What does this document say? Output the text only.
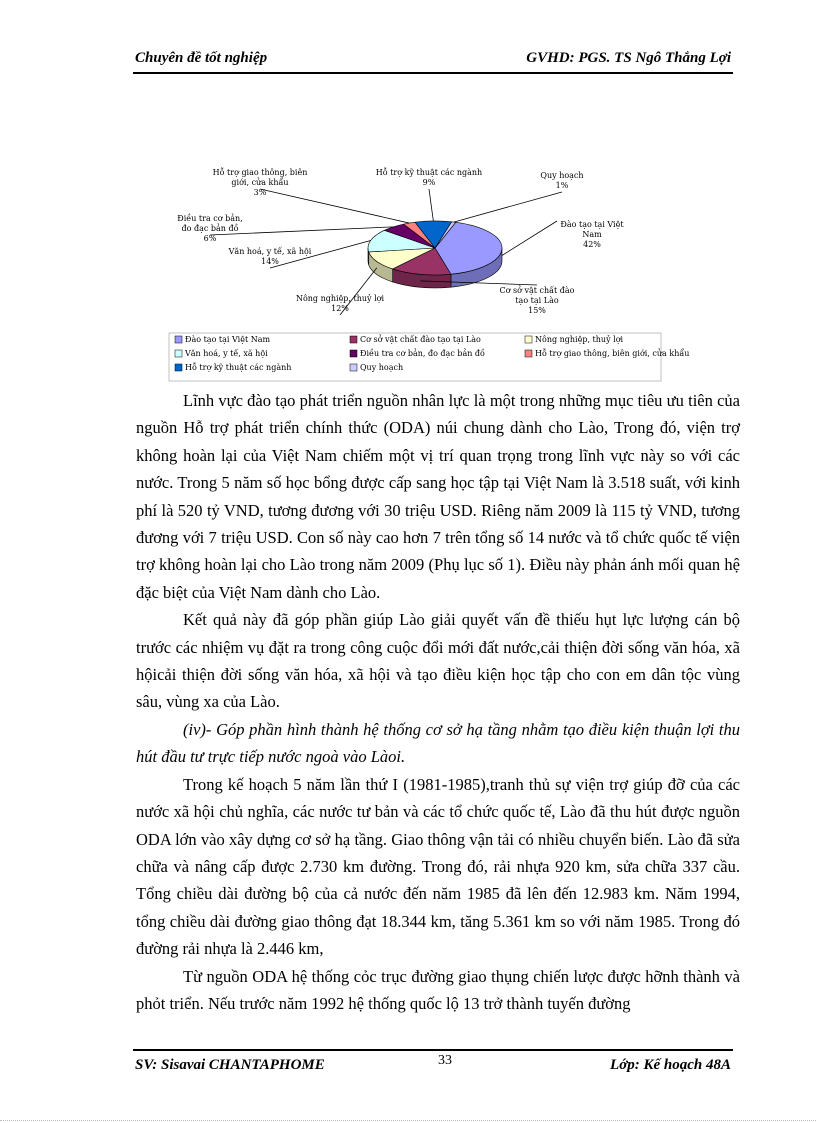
Chuyên đề tốt nghiệp	GVHD: PGS. TS Ngô Thắng Lợi
Đào tạo tại Việt Nam 42%
Cơ sở vật chất đào tạo tại Lào 15%
Nông nghiệp, thuỷ lợi 12%
Văn hoá, y tế, xã hội 14%
Điều tra cơ bản, đo đạc bản đồ 6%
Hỗ trợ giao thông, biên giới, cửa khẩu 3%
Hỗ trợ kỹ thuật các ngành 9%
Quy hoạch 1%
Đào tạo tại Việt Nam	Cơ sở vật chất đào tạo tại Lào	Nông nghiệp, thuỷ lợi
Văn hoá, y tế, xã hội	Điều tra cơ bản, đo đạc bản đồ	Hỗ trợ giao thông, biên giới, cửa khẩu
Hỗ trợ kỹ thuật các ngành	Quy hoạch

Lĩnh vực đào tạo phát triển nguồn nhân lực là một trong những mục tiêu ưu tiên của nguồn Hỗ trợ phát triển chính thức (ODA) núi chung dành cho Lào, Trong đó, viện trợ không hoàn lại của Việt Nam chiếm một vị trí quan trọng trong lĩnh vực này so với các nước. Trong 5 năm số học bổng được cấp sang học tập tại Việt Nam là 3.518 suất, với kinh phí là 520 tỷ VND, tương đương với 30 triệu USD. Riêng năm 2009 là 115 tỷ VND, tương đương với 7 triệu USD. Con số này cao hơn 7 trên tổng số 14 nước và tổ chức quốc tế viện trợ không hoàn lại cho Lào trong năm 2009 (Phụ lục số 1). Điều này phản ánh mối quan hệ đặc biệt của Việt Nam dành cho Lào.

Kết quả này đã góp phần giúp Lào giải quyết vấn đề thiếu hụt lực lượng cán bộ trước các nhiệm vụ đặt ra trong công cuộc đổi mới đất nước,cải thiện đời sống văn hóa, xã hộicải thiện đời sống văn hóa, xã hội và tạo điều kiện học tập cho con em dân tộc vùng sâu, vùng xa của Lào.

(iv)- Góp phần hình thành hệ thống cơ sở hạ tầng nhằm tạo điều kiện thuận lợi thu hút đầu tư trực tiếp nước ngoà vào Làoi.

Trong kế hoạch 5 năm lần thứ I (1981-1985),tranh thủ sự viện trợ giúp đỡ của các nước xã hội chủ nghĩa, các nước tư bản và các tổ chức quốc tế, Lào đã thu hút được nguồn ODA lớn vào xây dựng cơ sở hạ tầng. Giao thông vận tải có nhiều chuyển biến. Lào đã sửa chữa và nâng cấp được 2.730 km đường. Trong đó, rải nhựa 920 km, sửa chữa 337 cầu. Tổng chiều dài đường bộ của cả nước đến năm 1985 đã lên đến 12.983 km. Năm 1994, tổng chiều dài đường giao thông đạt 18.344 km, tăng 5.361 km so với năm 1985. Trong đó đường rải nhựa là 2.446 km,

Từ nguồn ODA hệ thống cỏc trục đường giao thụng chiến lược được hỡnh thành và phỏt triển. Nếu trước năm 1992 hệ thống quốc lộ 13 trở thành tuyến đường

SV: Sisavai CHANTAPHOME	33	Lớp: Kế hoạch 48A
